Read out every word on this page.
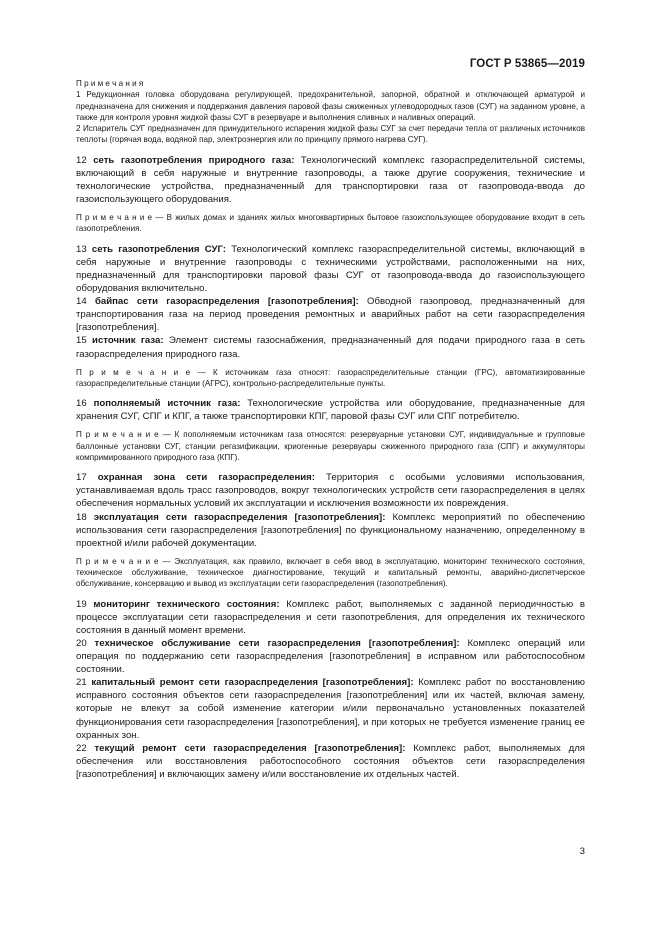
ГОСТ Р 53865—2019

П р и м е ч а н и я

1 Редукционная головка оборудована регулирующей, предохранительной, запорной, обратной и отключающей арматурой и предназначена для снижения и поддержания давления паровой фазы сжиженных углеводородных газов (СУГ) на заданном уровне, а также для контроля уровня жидкой фазы СУГ в резервуаре и выполнения сливных и наливных операций.

2 Испаритель СУГ предназначен для принудительного испарения жидкой фазы СУГ за счет передачи тепла от различных источников теплоты (горячая вода, водяной пар, электроэнергия или по принципу прямого нагрева СУГ).

12 сеть газопотребления природного газа: Технологический комплекс газораспределительной системы, включающий в себя наружные и внутренние газопроводы, а также другие сооружения, технические и технологические устройства, предназначенный для транспортировки газа от газопровода-ввода до газоиспользующего оборудования.

П р и м е ч а н и е — В жилых домах и зданиях жилых многоквартирных бытовое газоиспользующее оборудование входит в сеть газопотребления.

13 сеть газопотребления СУГ: Технологический комплекс газораспределительной системы, включающий в себя наружные и внутренние газопроводы с техническими устройствами, расположенными на них, предназначенный для транспортировки паровой фазы СУГ от газопровода-ввода до газоиспользующего оборудования включительно.

14 байпас сети газораспределения [газопотребления]: Обводной газопровод, предназначенный для транспортирования газа на период проведения ремонтных и аварийных работ на сети газораспределения [газопотребления].

15 источник газа: Элемент системы газоснабжения, предназначенный для подачи природного газа в сеть газораспределения природного газа.

П р и м е ч а н и е — К источникам газа относят: газораспределительные станции (ГРС), автоматизированные газораспределительные станции (АГРС), контрольно-распределительные пункты.

16 пополняемый источник газа: Технологические устройства или оборудование, предназначенные для хранения СУГ, СПГ и КПГ, а также транспортировки КПГ, паровой фазы СУГ или СПГ потребителю.

П р и м е ч а н и е — К пополняемым источникам газа относятся: резервуарные установки СУГ, индивидуальные и групповые баллонные установки СУГ, станции регазификации, криогенные резервуары сжиженного природного газа (СПГ) и аккумуляторы компримированного природного газа (КПГ).

17 охранная зона сети газораспределения: Территория с особыми условиями использования, устанавливаемая вдоль трасс газопроводов, вокруг технологических устройств сети газораспределения в целях обеспечения нормальных условий их эксплуатации и исключения возможности их повреждения.

18 эксплуатация сети газораспределения [газопотребления]: Комплекс мероприятий по обеспечению использования сети газораспределения [газопотребления] по функциональному назначению, определенному в проектной и/или рабочей документации.

П р и м е ч а н и е — Эксплуатация, как правило, включает в себя ввод в эксплуатацию, мониторинг технического состояния, техническое обслуживание, техническое диагностирование, текущий и капитальный ремонты, аварийно-диспетчерское обслуживание, консервацию и вывод из эксплуатации сети газораспределения (газопотребления).

19 мониторинг технического состояния: Комплекс работ, выполняемых с заданной периодичностью в процессе эксплуатации сети газораспределения и сети газопотребления, для определения их технического состояния в данный момент времени.

20 техническое обслуживание сети газораспределения [газопотребления]: Комплекс операций или операция по поддержанию сети газораспределения [газопотребления] в исправном или работоспособном состоянии.

21 капитальный ремонт сети газораспределения [газопотребления]: Комплекс работ по восстановлению исправного состояния объектов сети газораспределения [газопотребления] или их частей, включая замену, которые не влекут за собой изменение категории и/или первоначально установленных показателей функционирования сети газораспределения [газопотребления], и при которых не требуется изменение границ ее охранных зон.

22 текущий ремонт сети газораспределения [газопотребления]: Комплекс работ, выполняемых для обеспечения или восстановления работоспособного состояния объектов сети газораспределения [газопотребления] и включающих замену и/или восстановление их отдельных частей.

3
